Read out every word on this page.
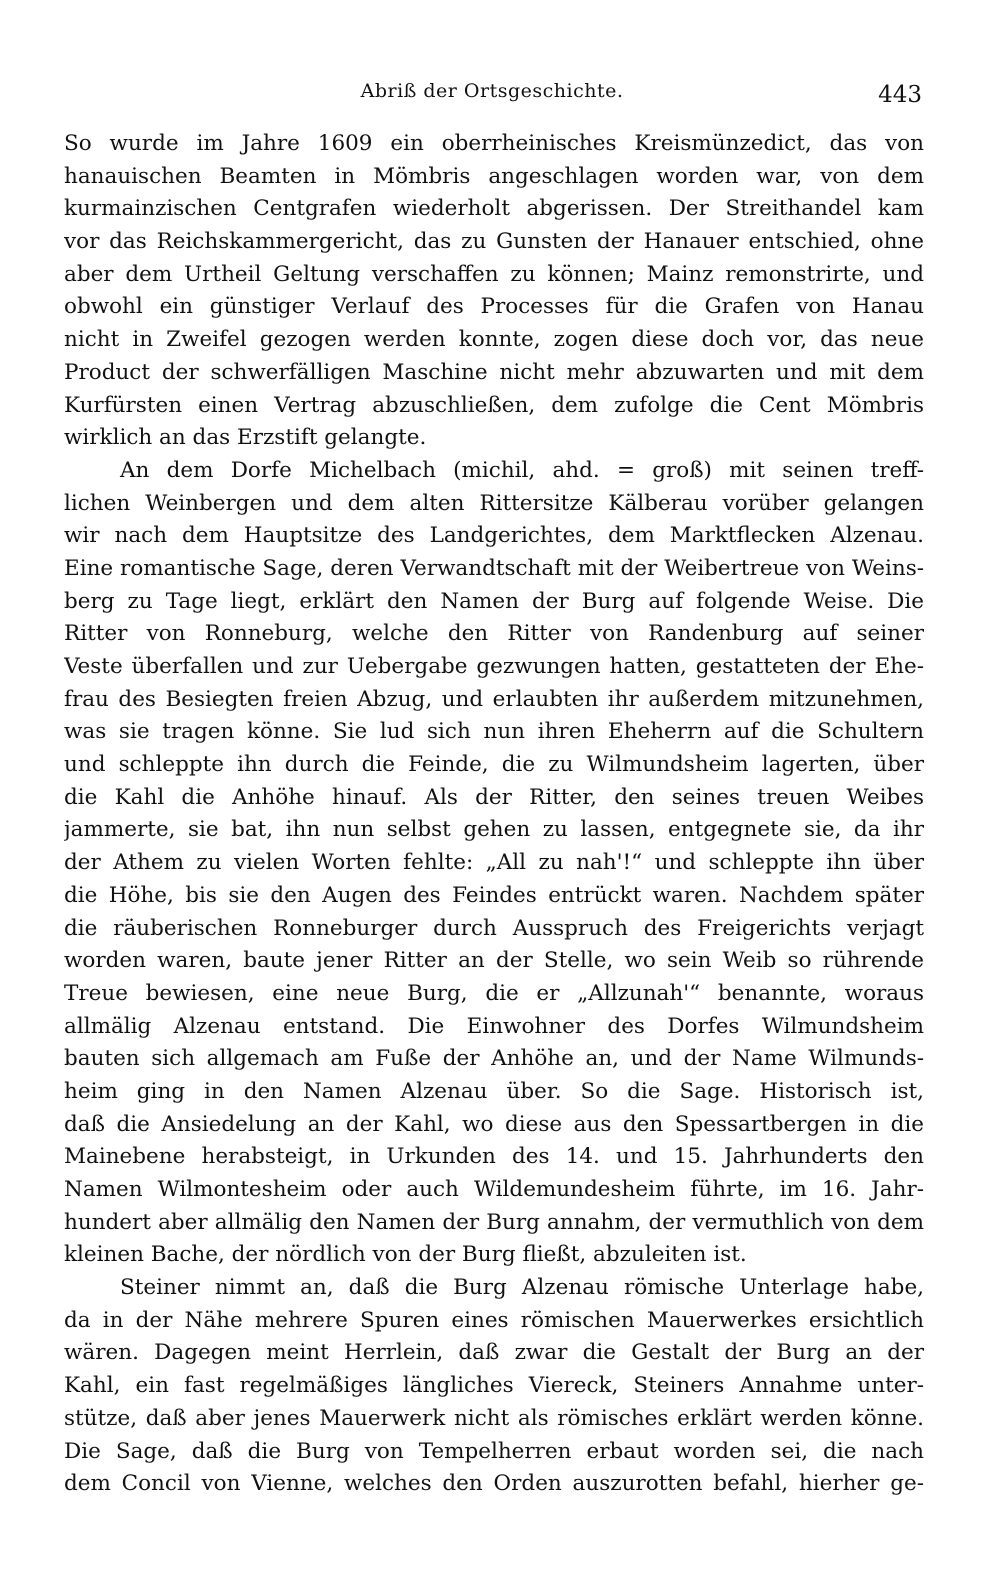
Abriß der Ortsgeschichte.	443
So wurde im Jahre 1609 ein oberrheinisches Kreismünzedict, das von
hanauischen Beamten in Mömbris angeschlagen worden war, von dem
kurmainzischen Centgrafen wiederholt abgerissen. Der Streithandel kam
vor das Reichskammergericht, das zu Gunsten der Hanauer entschied, ohne
aber dem Urtheil Geltung verschaffen zu können; Mainz remonstrirte, und
obwohl ein günstiger Verlauf des Processes für die Grafen von Hanau
nicht in Zweifel gezogen werden konnte, zogen diese doch vor, das neue
Product der schwerfälligen Maschine nicht mehr abzuwarten und mit dem
Kurfürsten einen Vertrag abzuschließen, dem zufolge die Cent Mömbris
wirklich an das Erzstift gelangte.
An dem Dorfe Michelbach (michil, ahd. = groß) mit seinen treff-
lichen Weinbergen und dem alten Rittersitze Kälberau vorüber gelangen
wir nach dem Hauptsitze des Landgerichtes, dem Marktflecken Alzenau.
Eine romantische Sage, deren Verwandtschaft mit der Weibertreue von Weins-
berg zu Tage liegt, erklärt den Namen der Burg auf folgende Weise. Die
Ritter von Ronneburg, welche den Ritter von Randenburg auf seiner
Veste überfallen und zur Uebergabe gezwungen hatten, gestatteten der Ehe-
frau des Besiegten freien Abzug, und erlaubten ihr außerdem mitzunehmen,
was sie tragen könne. Sie lud sich nun ihren Eheherrn auf die Schultern
und schleppte ihn durch die Feinde, die zu Wilmundsheim lagerten, über
die Kahl die Anhöhe hinauf. Als der Ritter, den seines treuen Weibes
jammerte, sie bat, ihn nun selbst gehen zu lassen, entgegnete sie, da ihr
der Athem zu vielen Worten fehlte: „All zu nah'!“ und schleppte ihn über
die Höhe, bis sie den Augen des Feindes entrückt waren. Nachdem später
die räuberischen Ronneburger durch Ausspruch des Freigerichts verjagt
worden waren, baute jener Ritter an der Stelle, wo sein Weib so rührende
Treue bewiesen, eine neue Burg, die er „Allzunah'“ benannte, woraus
allmälig Alzenau entstand. Die Einwohner des Dorfes Wilmundsheim
bauten sich allgemach am Fuße der Anhöhe an, und der Name Wilmunds-
heim ging in den Namen Alzenau über. So die Sage. Historisch ist,
daß die Ansiedelung an der Kahl, wo diese aus den Spessartbergen in die
Mainebene herabsteigt, in Urkunden des 14. und 15. Jahrhunderts den
Namen Wilmontesheim oder auch Wildemundesheim führte, im 16. Jahr-
hundert aber allmälig den Namen der Burg annahm, der vermuthlich von dem
kleinen Bache, der nördlich von der Burg fließt, abzuleiten ist.
Steiner nimmt an, daß die Burg Alzenau römische Unterlage habe,
da in der Nähe mehrere Spuren eines römischen Mauerwerkes ersichtlich
wären. Dagegen meint Herrlein, daß zwar die Gestalt der Burg an der
Kahl, ein fast regelmäßiges längliches Viereck, Steiners Annahme unter-
stütze, daß aber jenes Mauerwerk nicht als römisches erklärt werden könne.
Die Sage, daß die Burg von Tempelherren erbaut worden sei, die nach
dem Concil von Vienne, welches den Orden auszurotten befahl, hierher ge-
